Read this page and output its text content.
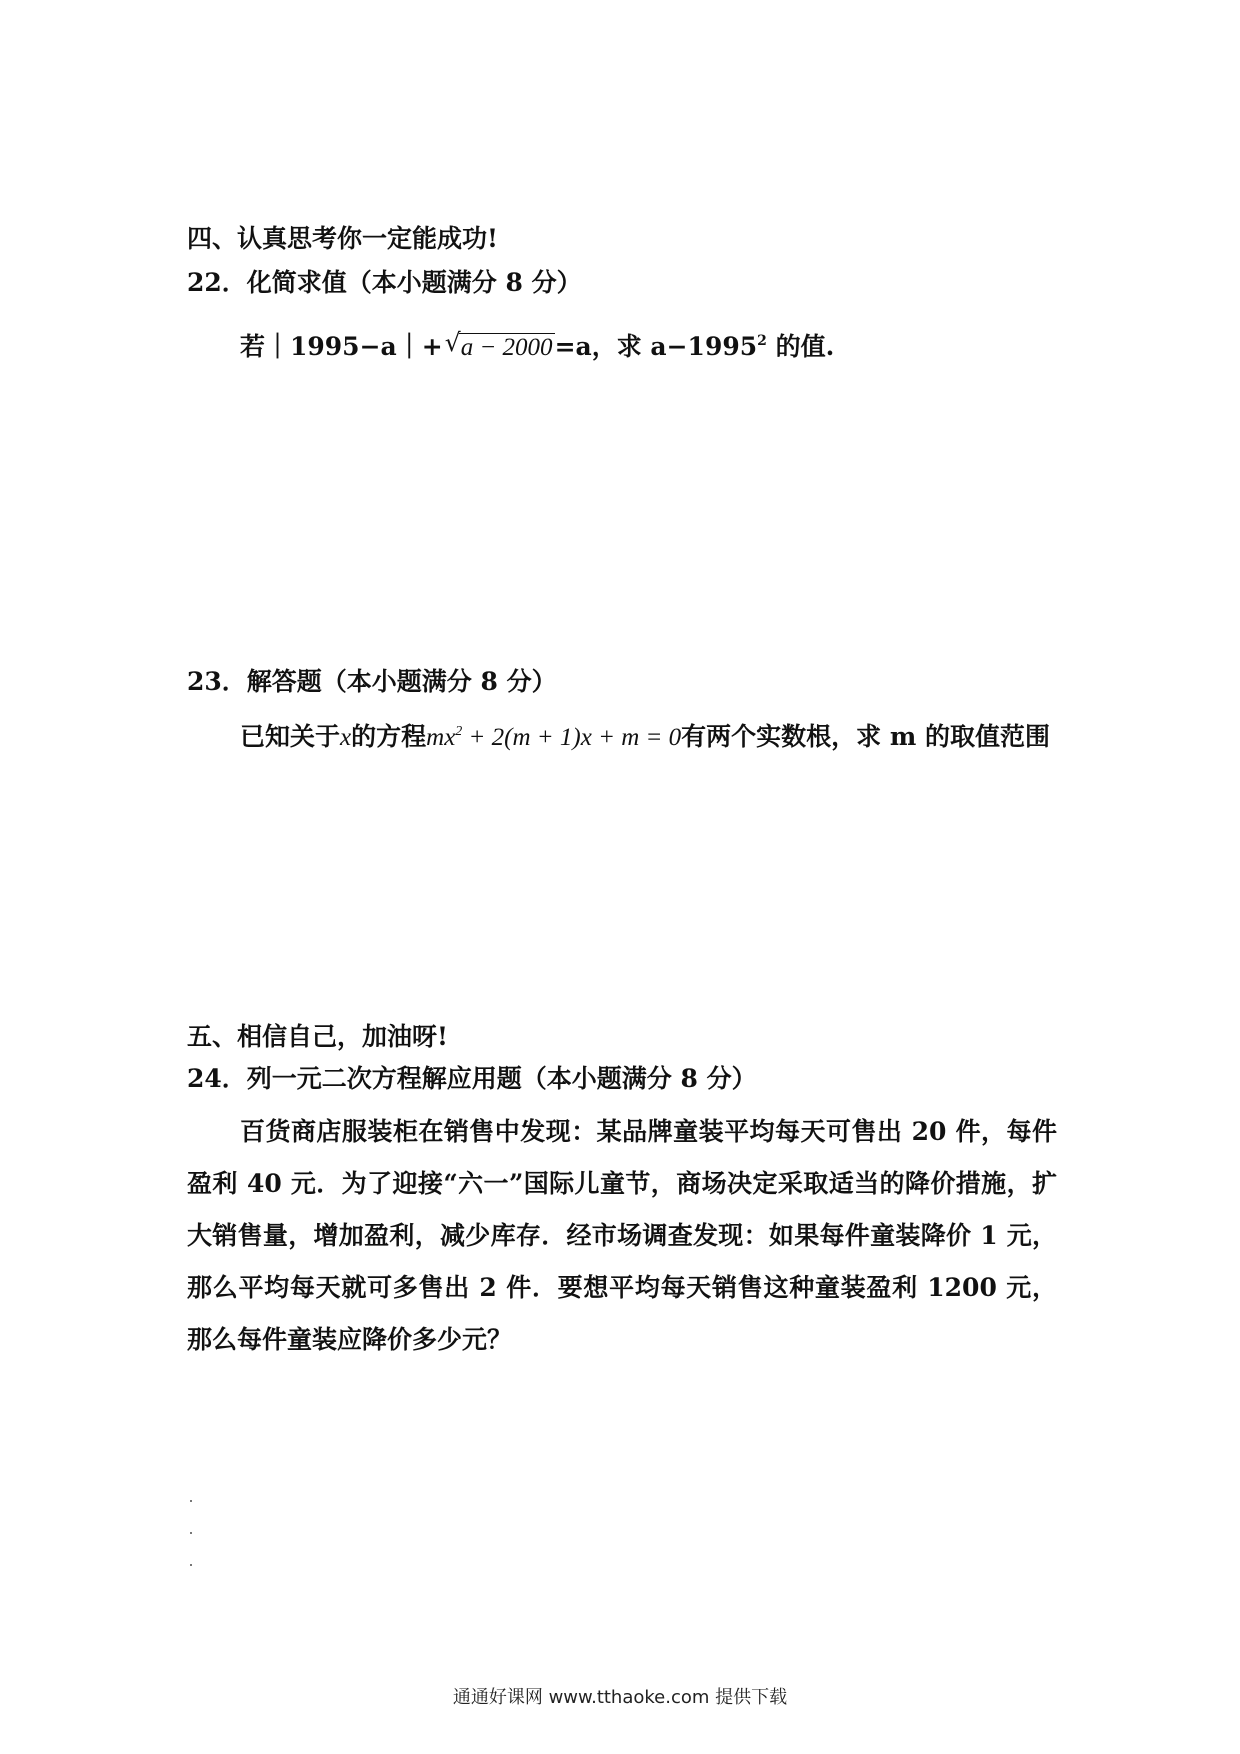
四、认真思考你一定能成功!
22．化简求值（本小题满分 8 分）
若｜1995−a｜+ √ a − 2000=a，求 $a-1995^2$ 的值.
23．解答题（本小题满分 8 分）
已知关于x的方程$mx^2 + 2(m + 1)x + m = 0$有两个实数根，求 m 的取值范围
五、相信自己，加油呀!
24．列一元二次方程解应用题（本小题满分 8 分）
百货商店服装柜在销售中发现：某品牌童装平均每天可售出 20 件，每件盈利 40 元．为了迎接“六一”国际儿童节，商场决定采取适当的降价措施，扩大销售量，增加盈利，减少库存．经市场调查发现：如果每件童装降价 1 元，那么平均每天就可多售出 2 件．要想平均每天销售这种童装盈利 1200 元，那么每件童装应降价多少元？
通通好课网 www.tthaoke.com 提供下载
